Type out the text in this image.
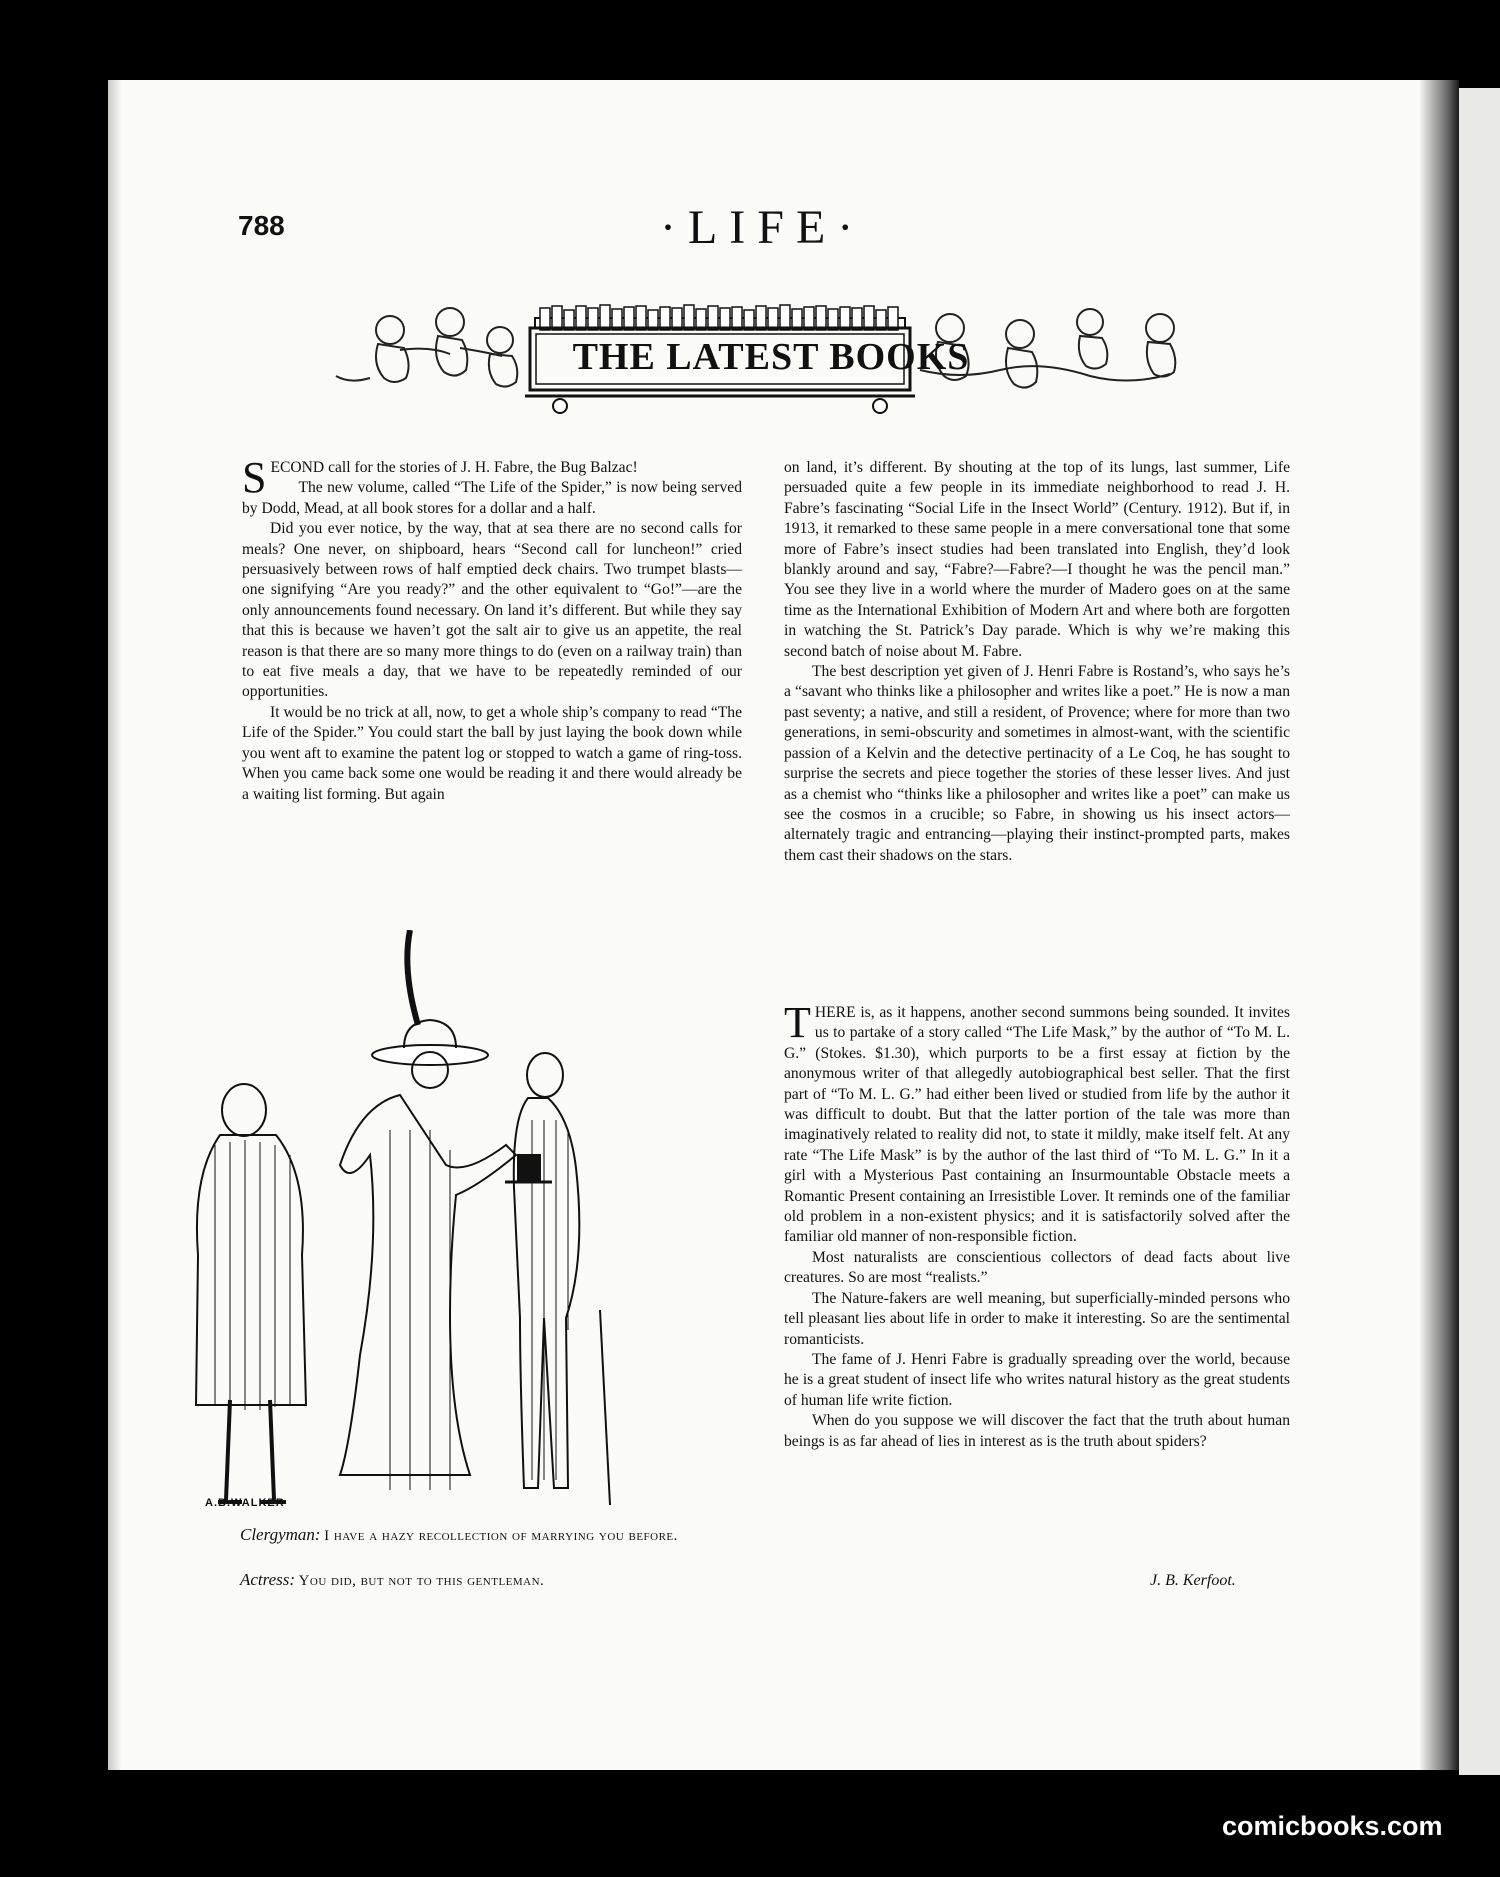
788	·LIFE·
THE LATEST BOOKS

SECOND call for the stories of J. H. Fabre, the Bug Balzac!

The new volume, called “The Life of the Spider,” is now being served by Dodd, Mead, at all book stores for a dollar and a half.

Did you ever notice, by the way, that at sea there are no second calls for meals? One never, on shipboard, hears “Second call for luncheon!” cried persuasively between rows of half emptied deck chairs. Two trumpet blasts—one signifying “Are you ready?” and the other equivalent to “Go!”—are the only announcements found necessary. On land it’s different. But while they say that this is because we haven’t got the salt air to give us an appetite, the real reason is that there are so many more things to do (even on a railway train) than to eat five meals a day, that we have to be repeatedly reminded of our opportunities.

It would be no trick at all, now, to get a whole ship’s company to read “The Life of the Spider.” You could start the ball by just laying the book down while you went aft to examine the patent log or stopped to watch a game of ring-toss. When you came back some one would be reading it and there would already be a waiting list forming. But again

on land, it’s different. By shouting at the top of its lungs, last summer, Life persuaded quite a few people in its immediate neighborhood to read J. H. Fabre’s fascinating “Social Life in the Insect World” (Century. 1912). But if, in 1913, it remarked to these same people in a mere conversational tone that some more of Fabre’s insect studies had been translated into English, they’d look blankly around and say, “Fabre?—Fabre?—I thought he was the pencil man.” You see they live in a world where the murder of Madero goes on at the same time as the International Exhibition of Modern Art and where both are forgotten in watching the St. Patrick’s Day parade. Which is why we’re making this second batch of noise about M. Fabre.

The best description yet given of J. Henri Fabre is Rostand’s, who says he’s a “savant who thinks like a philosopher and writes like a poet.” He is now a man past seventy; a native, and still a resident, of Provence; where for more than two generations, in semi-obscurity and sometimes in almost-want, with the scientific passion of a Kelvin and the detective pertinacity of a Le Coq, he has sought to surprise the secrets and piece together the stories of these lesser lives. And just as a chemist who “thinks like a philosopher and writes like a poet” can make us see the cosmos in a crucible; so Fabre, in showing us his insect actors—alternately tragic and entrancing—playing their instinct-prompted parts, makes them cast their shadows on the stars.

THERE is, as it happens, another second summons being sounded. It invites us to partake of a story called “The Life Mask,” by the author of “To M. L. G.” (Stokes. $1.30), which purports to be a first essay at fiction by the anonymous writer of that allegedly autobiographical best seller. That the first part of “To M. L. G.” had either been lived or studied from life by the author it was difficult to doubt. But that the latter portion of the tale was more than imaginatively related to reality did not, to state it mildly, make itself felt. At any rate “The Life Mask” is by the author of the last third of “To M. L. G.” In it a girl with a Mysterious Past containing an Insurmountable Obstacle meets a Romantic Present containing an Irresistible Lover. It reminds one of the familiar old problem in a non-existent physics; and it is satisfactorily solved after the familiar old manner of non-responsible fiction.

Most naturalists are conscientious collectors of dead facts about live creatures. So are most “realists.”

The Nature-fakers are well meaning, but superficially-minded persons who tell pleasant lies about life in order to make it interesting. So are the sentimental romanticists.

The fame of J. Henri Fabre is gradually spreading over the world, because he is a great student of insect life who writes natural history as the great students of human life write fiction.

When do you suppose we will discover the fact that the truth about human beings is as far ahead of lies in interest as is the truth about spiders?

J. B. Kerfoot.
A.B.WALKER
Clergyman: I have a hazy recollection of marrying you before.
Actress: You did, but not to this gentleman.
comicbooks.com
